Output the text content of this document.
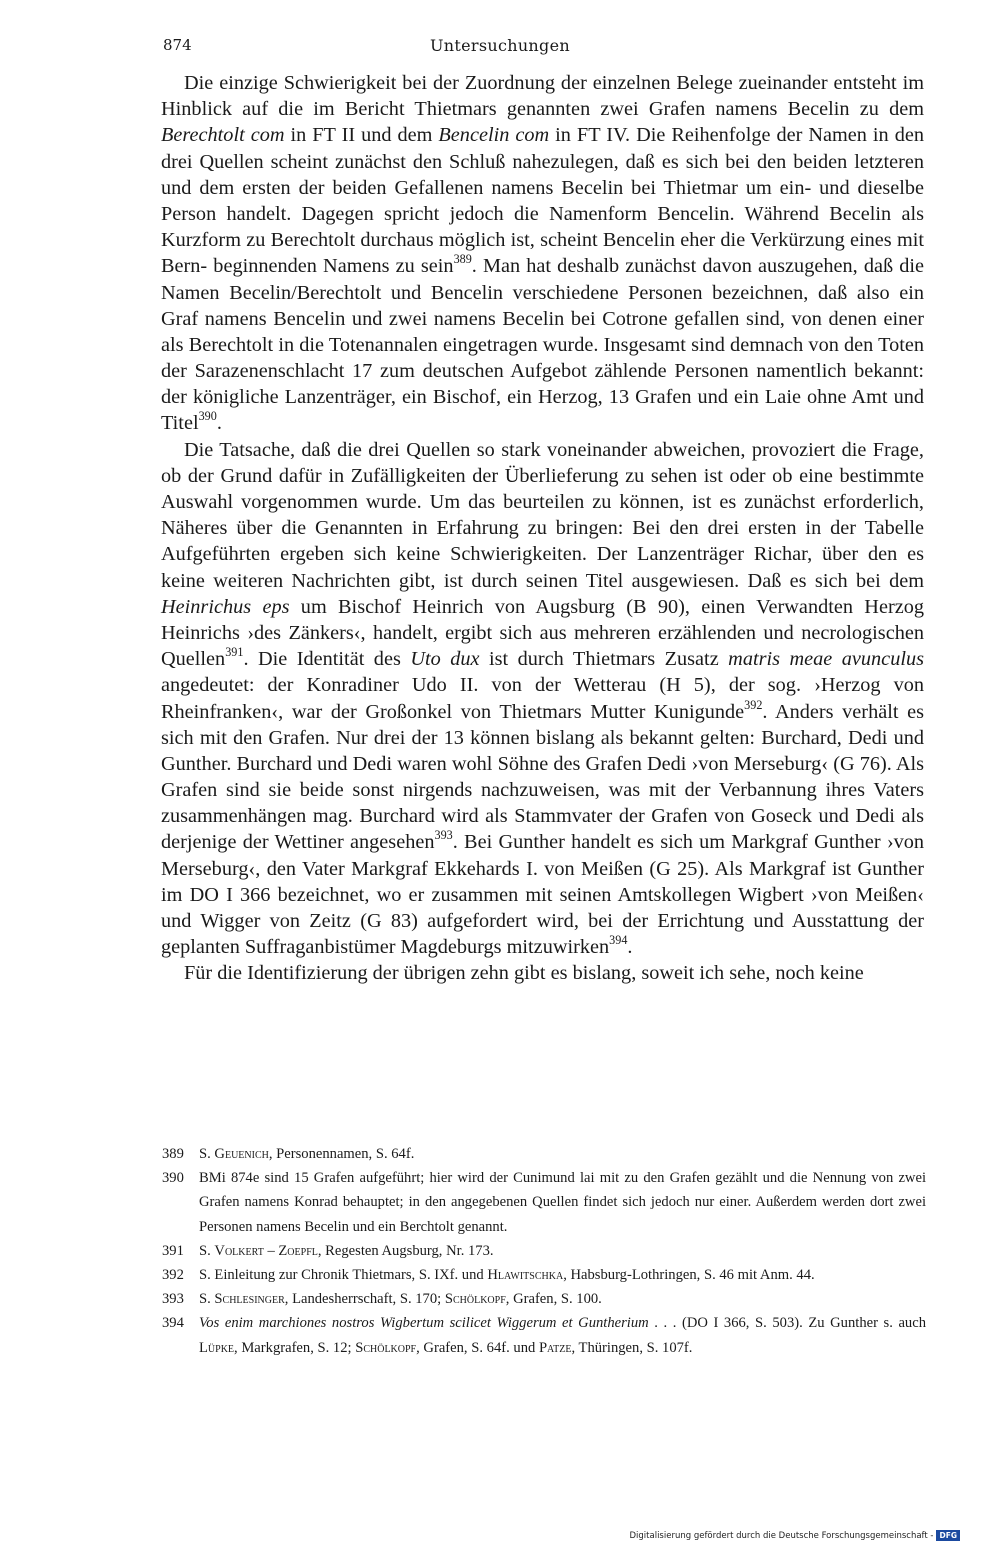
874	Untersuchungen

Die einzige Schwierigkeit bei der Zuordnung der einzelnen Belege zueinander entsteht im Hinblick auf die im Bericht Thietmars genannten zwei Grafen namens Becelin zu dem Berechtolt com in FT II und dem Bencelin com in FT IV. Die Reihenfolge der Namen in den drei Quellen scheint zunächst den Schluß nahezulegen, daß es sich bei den beiden letzteren und dem ersten der beiden Gefallenen namens Becelin bei Thietmar um ein- und dieselbe Person handelt. Dagegen spricht jedoch die Namenform Bencelin. Während Becelin als Kurzform zu Berechtolt durchaus möglich ist, scheint Bencelin eher die Verkürzung eines mit Bern- beginnenden Namens zu sein$^{389}$. Man hat deshalb zunächst davon auszugehen, daß die Namen Becelin/Berechtolt und Bencelin verschiedene Personen bezeichnen, daß also ein Graf namens Bencelin und zwei namens Becelin bei Cotrone gefallen sind, von denen einer als Berechtolt in die Totenannalen eingetragen wurde. Insgesamt sind demnach von den Toten der Sarazenenschlacht 17 zum deutschen Aufgebot zählende Personen namentlich bekannt: der königliche Lanzenträger, ein Bischof, ein Herzog, 13 Grafen und ein Laie ohne Amt und Titel$^{390}$.

Die Tatsache, daß die drei Quellen so stark voneinander abweichen, provoziert die Frage, ob der Grund dafür in Zufälligkeiten der Überlieferung zu sehen ist oder ob eine bestimmte Auswahl vorgenommen wurde. Um das beurteilen zu können, ist es zunächst erforderlich, Näheres über die Genannten in Erfahrung zu bringen: Bei den drei ersten in der Tabelle Aufgeführten ergeben sich keine Schwierigkeiten. Der Lanzenträger Richar, über den es keine weiteren Nachrichten gibt, ist durch seinen Titel ausgewiesen. Daß es sich bei dem Heinrichus eps um Bischof Heinrich von Augsburg (B 90), einen Verwandten Herzog Heinrichs ›des Zänkers‹, handelt, ergibt sich aus mehreren erzählenden und necrologischen Quellen$^{391}$. Die Identität des Uto dux ist durch Thietmars Zusatz matris meae avunculus angedeutet: der Konradiner Udo II. von der Wetterau (H 5), der sog. ›Herzog von Rheinfranken‹, war der Großonkel von Thietmars Mutter Kunigunde$^{392}$. Anders verhält es sich mit den Grafen. Nur drei der 13 können bislang als bekannt gelten: Burchard, Dedi und Gunther. Burchard und Dedi waren wohl Söhne des Grafen Dedi ›von Merseburg‹ (G 76). Als Grafen sind sie beide sonst nirgends nachzuweisen, was mit der Verbannung ihres Vaters zusammenhängen mag. Burchard wird als Stammvater der Grafen von Goseck und Dedi als derjenige der Wettiner angesehen$^{393}$. Bei Gunther handelt es sich um Markgraf Gunther ›von Merseburg‹, den Vater Markgraf Ekkehards I. von Meißen (G 25). Als Markgraf ist Gunther im DO I 366 bezeichnet, wo er zusammen mit seinen Amtskollegen Wigbert ›von Meißen‹ und Wigger von Zeitz (G 83) aufgefordert wird, bei der Errichtung und Ausstattung der geplanten Suffraganbistümer Magdeburgs mitzuwirken$^{394}$.

Für die Identifizierung der übrigen zehn gibt es bislang, soweit ich sehe, noch keine

389	S. Geuenich, Personennamen, S. 64f.
390	BMi 874e sind 15 Grafen aufgeführt; hier wird der Cunimund lai mit zu den Grafen gezählt und die Nennung von zwei Grafen namens Konrad behauptet; in den angegebenen Quellen findet sich jedoch nur einer. Außerdem werden dort zwei Personen namens Becelin und ein Berchtolt genannt.
391	S. Volkert – Zoepfl, Regesten Augsburg, Nr. 173.
392	S. Einleitung zur Chronik Thietmars, S. IXf. und Hlawitschka, Habsburg-Lothringen, S. 46 mit Anm. 44.
393	S. Schlesinger, Landesherrschaft, S. 170; Schölkopf, Grafen, S. 100.
394	Vos enim marchiones nostros Wigbertum scilicet Wiggerum et Guntherium . . . (DO I 366, S. 503). Zu Gunther s. auch Lüpke, Markgrafen, S. 12; Schölkopf, Grafen, S. 64f. und Patze, Thüringen, S. 107f.
Digitalisierung gefördert durch die Deutsche Forschungsgemeinschaft - DFG
